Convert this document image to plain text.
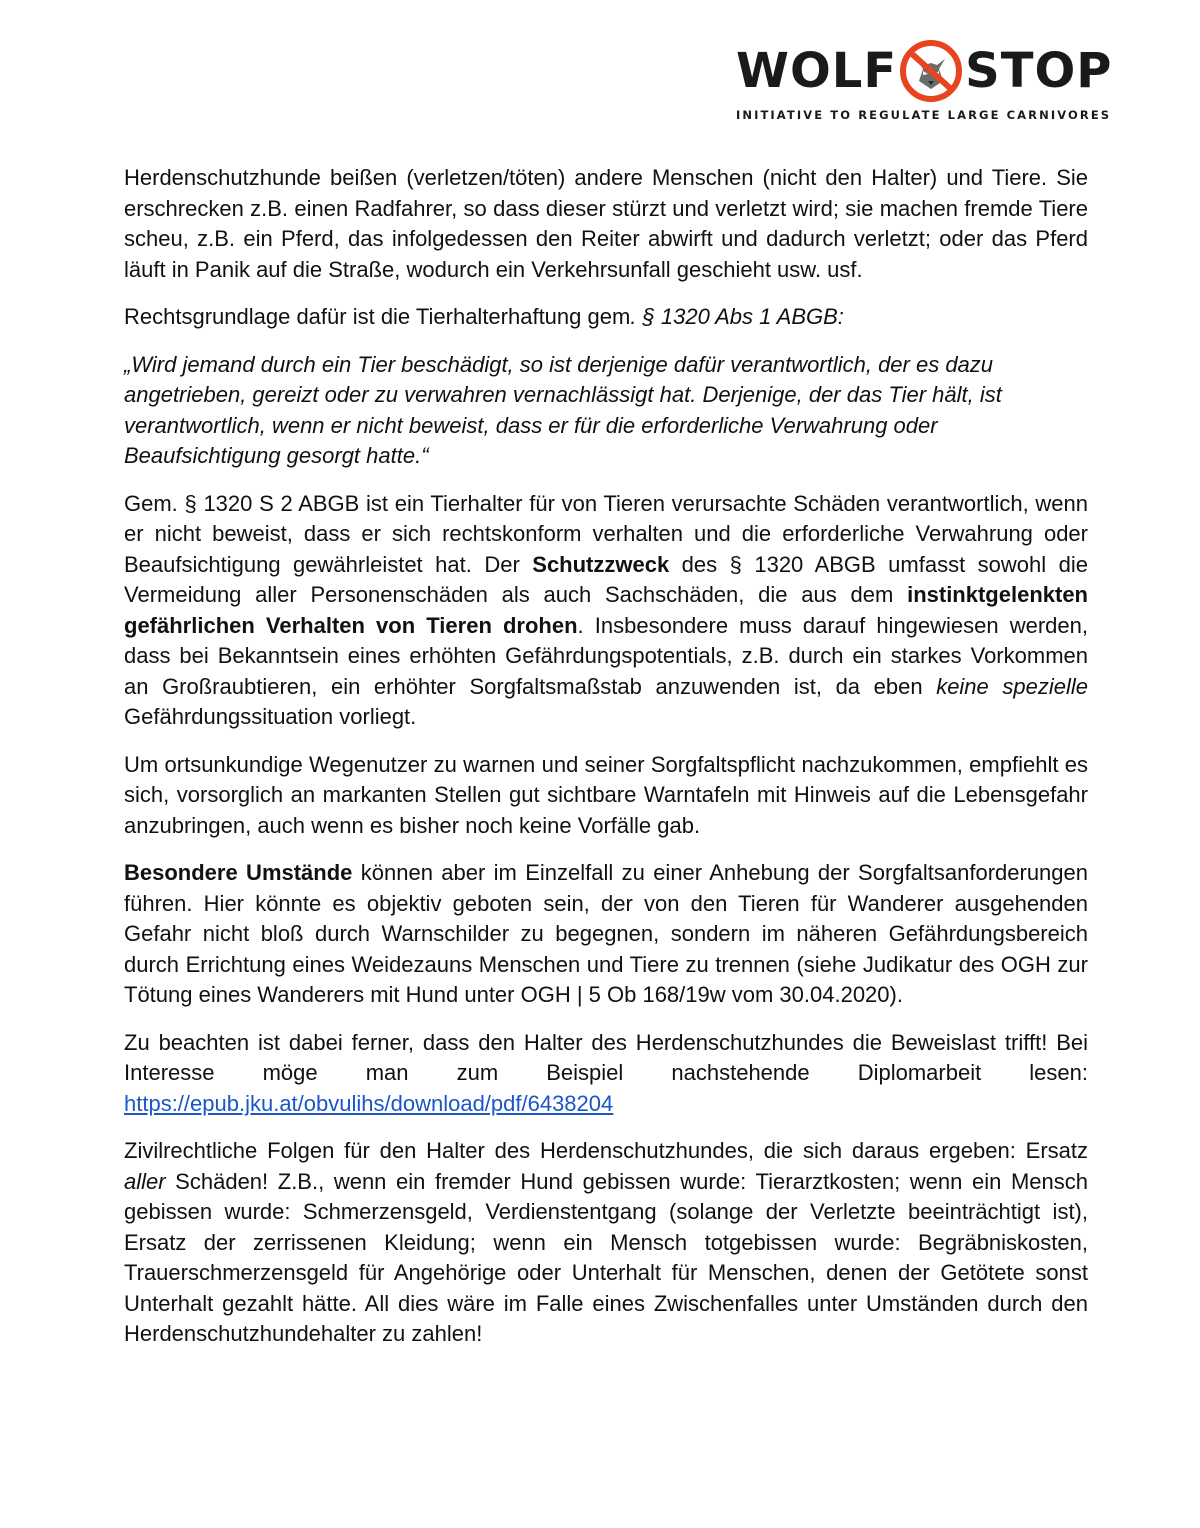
WOLF STOP
INITIATIVE TO REGULATE LARGE CARNIVORES

Herdenschutzhunde beißen (verletzen/töten) andere Menschen (nicht den Halter) und Tiere. Sie erschrecken z.B. einen Radfahrer, so dass dieser stürzt und verletzt wird; sie machen fremde Tiere scheu, z.B. ein Pferd, das infolgedessen den Reiter abwirft und dadurch verletzt; oder das Pferd läuft in Panik auf die Straße, wodurch ein Verkehrsunfall geschieht usw. usf.

Rechtsgrundlage dafür ist die Tierhalterhaftung gem. § 1320 Abs 1 ABGB:

„Wird jemand durch ein Tier beschädigt, so ist derjenige dafür verantwortlich, der es dazu angetrieben, gereizt oder zu verwahren vernachlässigt hat. Derjenige, der das Tier hält, ist verantwortlich, wenn er nicht beweist, dass er für die erforderliche Verwahrung oder Beaufsichtigung gesorgt hatte.“

Gem. § 1320 S 2 ABGB ist ein Tierhalter für von Tieren verursachte Schäden verantwortlich, wenn er nicht beweist, dass er sich rechtskonform verhalten und die erforderliche Verwahrung oder Beaufsichtigung gewährleistet hat. Der Schutzzweck des § 1320 ABGB umfasst sowohl die Vermeidung aller Personenschäden als auch Sachschäden, die aus dem instinktgelenkten gefährlichen Verhalten von Tieren drohen. Insbesondere muss darauf hingewiesen werden, dass bei Bekanntsein eines erhöhten Gefährdungspotentials, z.B. durch ein starkes Vorkommen an Großraubtieren, ein erhöhter Sorgfaltsmaßstab anzuwenden ist, da eben keine spezielle Gefährdungssituation vorliegt.

Um ortsunkundige Wegenutzer zu warnen und seiner Sorgfaltspflicht nachzukommen, empfiehlt es sich, vorsorglich an markanten Stellen gut sichtbare Warntafeln mit Hinweis auf die Lebensgefahr anzubringen, auch wenn es bisher noch keine Vorfälle gab.

Besondere Umstände können aber im Einzelfall zu einer Anhebung der Sorgfaltsanforderungen führen. Hier könnte es objektiv geboten sein, der von den Tieren für Wanderer ausgehenden Gefahr nicht bloß durch Warnschilder zu begegnen, sondern im näheren Gefährdungsbereich durch Errichtung eines Weidezauns Menschen und Tiere zu trennen (siehe Judikatur des OGH zur Tötung eines Wanderers mit Hund unter OGH | 5 Ob 168/19w vom 30.04.2020).

Zu beachten ist dabei ferner, dass den Halter des Herdenschutzhundes die Beweislast trifft! Bei Interesse möge man zum Beispiel nachstehende Diplomarbeit lesen: https://epub.jku.at/obvulihs/download/pdf/6438204

Zivilrechtliche Folgen für den Halter des Herdenschutzhundes, die sich daraus ergeben: Ersatz aller Schäden! Z.B., wenn ein fremder Hund gebissen wurde: Tierarztkosten; wenn ein Mensch gebissen wurde: Schmerzensgeld, Verdienstentgang (solange der Verletzte beeinträchtigt ist), Ersatz der zerrissenen Kleidung; wenn ein Mensch totgebissen wurde: Begräbniskosten, Trauerschmerzensgeld für Angehörige oder Unterhalt für Menschen, denen der Getötete sonst Unterhalt gezahlt hätte. All dies wäre im Falle eines Zwischenfalles unter Umständen durch den Herdenschutzhundehalter zu zahlen!
